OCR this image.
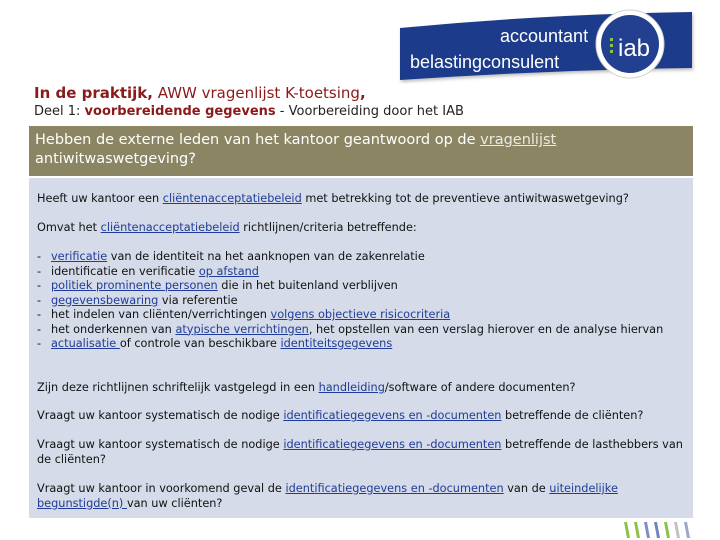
accountant
belastingconsulent iab
In de praktijk, AWW vragenlijst K-toetsing,
Deel 1: voorbereidende gegevens - Voorbereiding door het IAB
Hebben de externe leden van het kantoor geantwoord op de vragenlijst antiwitwaswetgeving?
Heeft uw kantoor een cliëntenacceptatiebeleid met betrekking tot de preventieve antiwitwaswetgeving?
Omvat het cliëntenacceptatiebeleid richtlijnen/criteria betreffende:
- verificatie van de identiteit na het aanknopen van de zakenrelatie
- identificatie en verificatie op afstand
- politiek prominente personen die in het buitenland verblijven
- gegevensbewaring via referentie
- het indelen van cliënten/verrichtingen volgens objectieve risicocriteria
- het onderkennen van atypische verrichtingen, het opstellen van een verslag hierover en de analyse hiervan
- actualisatie of controle van beschikbare identiteitsgegevens
Zijn deze richtlijnen schriftelijk vastgelegd in een handleiding/software of andere documenten?
Vraagt uw kantoor systematisch de nodige identificatiegegevens en -documenten betreffende de cliënten?
Vraagt uw kantoor systematisch de nodige identificatiegegevens en -documenten betreffende de lasthebbers van de cliënten?
Vraagt uw kantoor in voorkomend geval de identificatiegegevens en -documenten van de uiteindelijke begunstigde(n) van uw cliënten?
